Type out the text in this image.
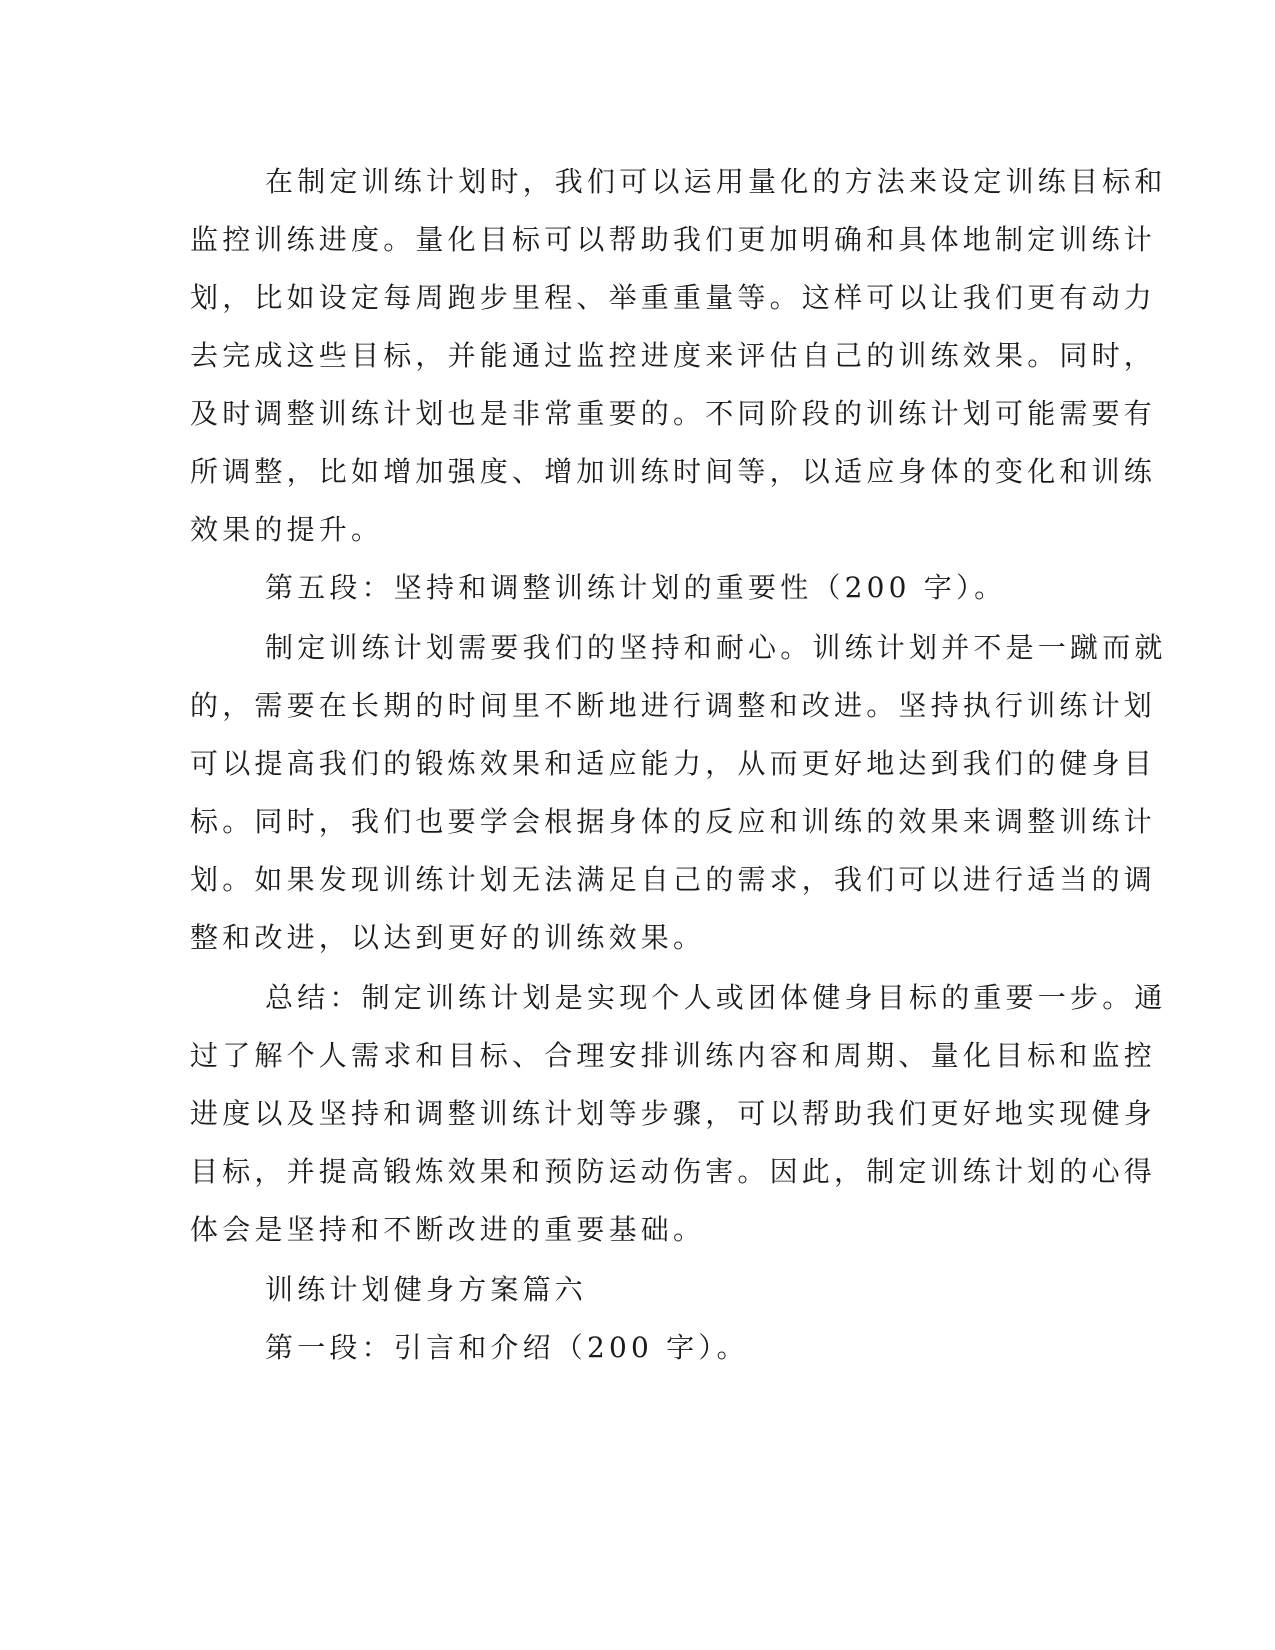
在制定训练计划时，我们可以运用量化的方法来设定训练目标和
监控训练进度。量化目标可以帮助我们更加明确和具体地制定训练计
划，比如设定每周跑步里程、举重重量等。这样可以让我们更有动力
去完成这些目标，并能通过监控进度来评估自己的训练效果。同时，
及时调整训练计划也是非常重要的。不同阶段的训练计划可能需要有
所调整，比如增加强度、增加训练时间等，以适应身体的变化和训练
效果的提升。
第五段：坚持和调整训练计划的重要性（200 字）。
制定训练计划需要我们的坚持和耐心。训练计划并不是一蹴而就
的，需要在长期的时间里不断地进行调整和改进。坚持执行训练计划
可以提高我们的锻炼效果和适应能力，从而更好地达到我们的健身目
标。同时，我们也要学会根据身体的反应和训练的效果来调整训练计
划。如果发现训练计划无法满足自己的需求，我们可以进行适当的调
整和改进，以达到更好的训练效果。
总结：制定训练计划是实现个人或团体健身目标的重要一步。通
过了解个人需求和目标、合理安排训练内容和周期、量化目标和监控
进度以及坚持和调整训练计划等步骤，可以帮助我们更好地实现健身
目标，并提高锻炼效果和预防运动伤害。因此，制定训练计划的心得
体会是坚持和不断改进的重要基础。
训练计划健身方案篇六
第一段：引言和介绍（200 字）。
